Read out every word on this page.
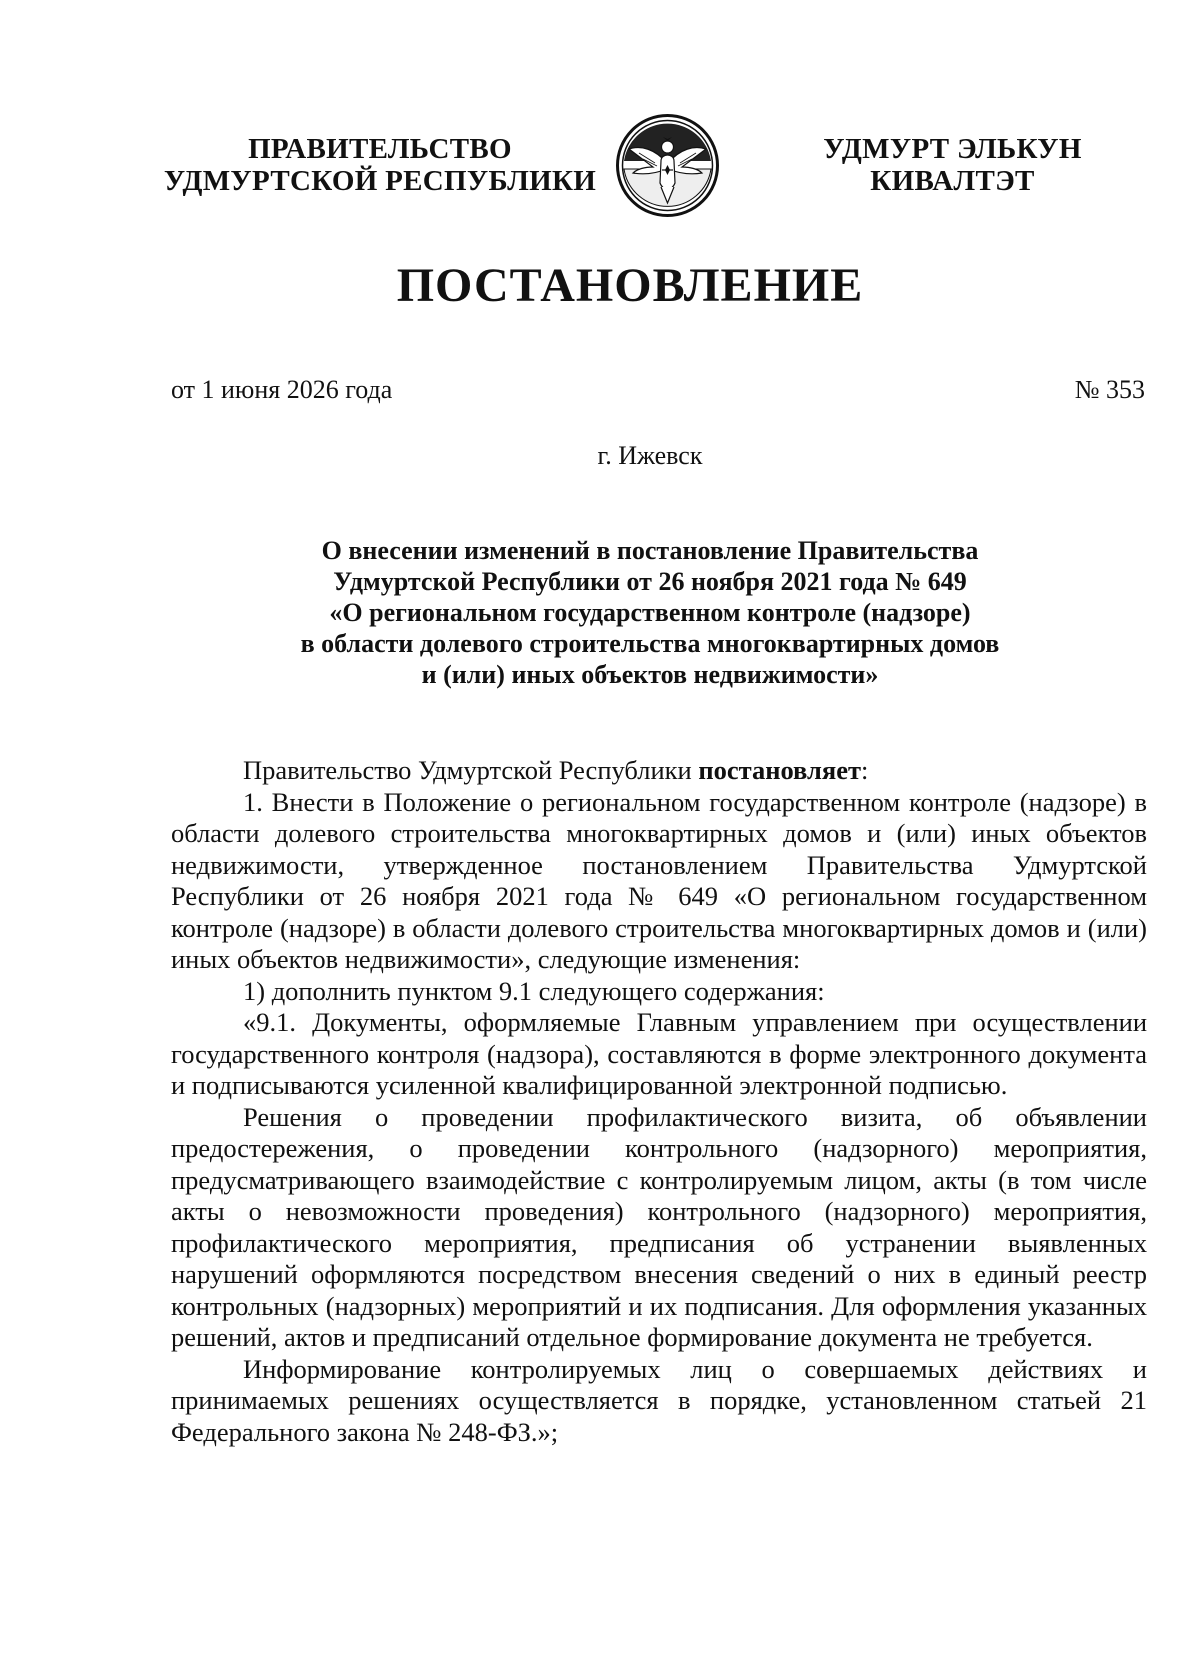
ПРАВИТЕЛЬСТВО
УДМУРТСКОЙ РЕСПУБЛИКИ
УДМУРТ ЭЛЬКУН
КИВАЛТЭТ
ПОСТАНОВЛЕНИЕ
от 1 июня 2026 года	№ 353
г. Ижевск
О внесении изменений в постановление Правительства
Удмуртской Республики от 26 ноября 2021 года № 649
«О региональном государственном контроле (надзоре)
в области долевого строительства многоквартирных домов
и (или) иных объектов недвижимости»

Правительство Удмуртской Республики постановляет:

1. Внести в Положение о региональном государственном контроле (надзоре) в области долевого строительства многоквартирных домов и (или) иных объектов недвижимости, утвержденное постановлением Правительства Удмуртской Республики от 26 ноября 2021 года № 649 «О региональном государственном контроле (надзоре) в области долевого строительства многоквартирных домов и (или) иных объектов недвижимости», следующие изменения:

1) дополнить пунктом 9.1 следующего содержания:

«9.1. Документы, оформляемые Главным управлением при осуществлении государственного контроля (надзора), составляются в форме электронного документа и подписываются усиленной квалифицированной электронной подписью.

Решения о проведении профилактического визита, об объявлении предостережения, о проведении контрольного (надзорного) мероприятия, предусматривающего взаимодействие с контролируемым лицом, акты (в том числе акты о невозможности проведения) контрольного (надзорного) мероприятия, профилактического мероприятия, предписания об устранении выявленных нарушений оформляются посредством внесения сведений о них в единый реестр контрольных (надзорных) мероприятий и их подписания. Для оформления указанных решений, актов и предписаний отдельное формирование документа не требуется.

Информирование контролируемых лиц о совершаемых действиях и принимаемых решениях осуществляется в порядке, установленном статьей 21 Федерального закона № 248-ФЗ.»;
